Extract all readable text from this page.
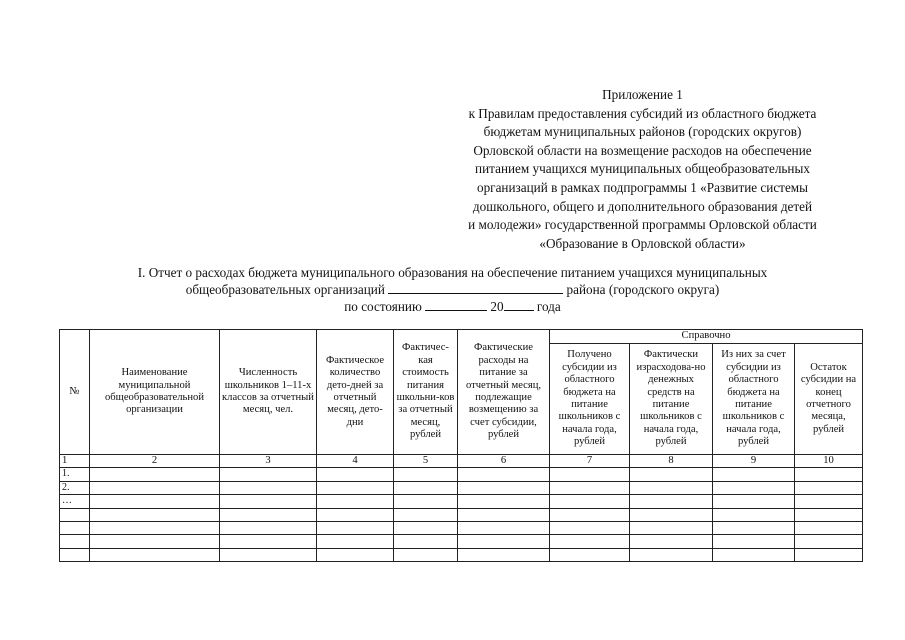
Приложение 1
к Правилам предоставления субсидий из областного бюджета
бюджетам муниципальных районов (городских округов)
Орловской области на возмещение расходов на обеспечение
питанием учащихся муниципальных общеобразовательных
организаций в рамках подпрограммы 1 «Развитие системы
дошкольного, общего и дополнительного образования детей
и молодежи» государственной программы Орловской области
«Образование в Орловской области»
I. Отчет о расходах бюджета муниципального образования на обеспечение питанием учащихся муниципальных
общеобразовательных организаций	района (городского округа)
по состоянию	20	года
№	Наименование муниципальной общеобразовательной организации	Численность школьников 1–11-х классов за отчетный месяц, чел.	Фактическое количество дето-дней за отчетный месяц, дето-дни	Фактичес-кая стоимость питания школьни-ков за отчетный месяц, рублей	Фактические расходы на питание за отчетный месяц, подлежащие возмещению за счет субсидии, рублей	Справочно			
						Получено субсидии из областного бюджета на питание школьников с начала года, рублей	Фактически израсходова-но денежных средств на питание школьников с начала года, рублей	Из них за счет субсидии из областного бюджета на питание школьников с начала года, рублей	Остаток субсидии на конец отчетного месяца, рублей
1	2	3	4	5	6	7	8	9	10
1.									
2.									
…									
